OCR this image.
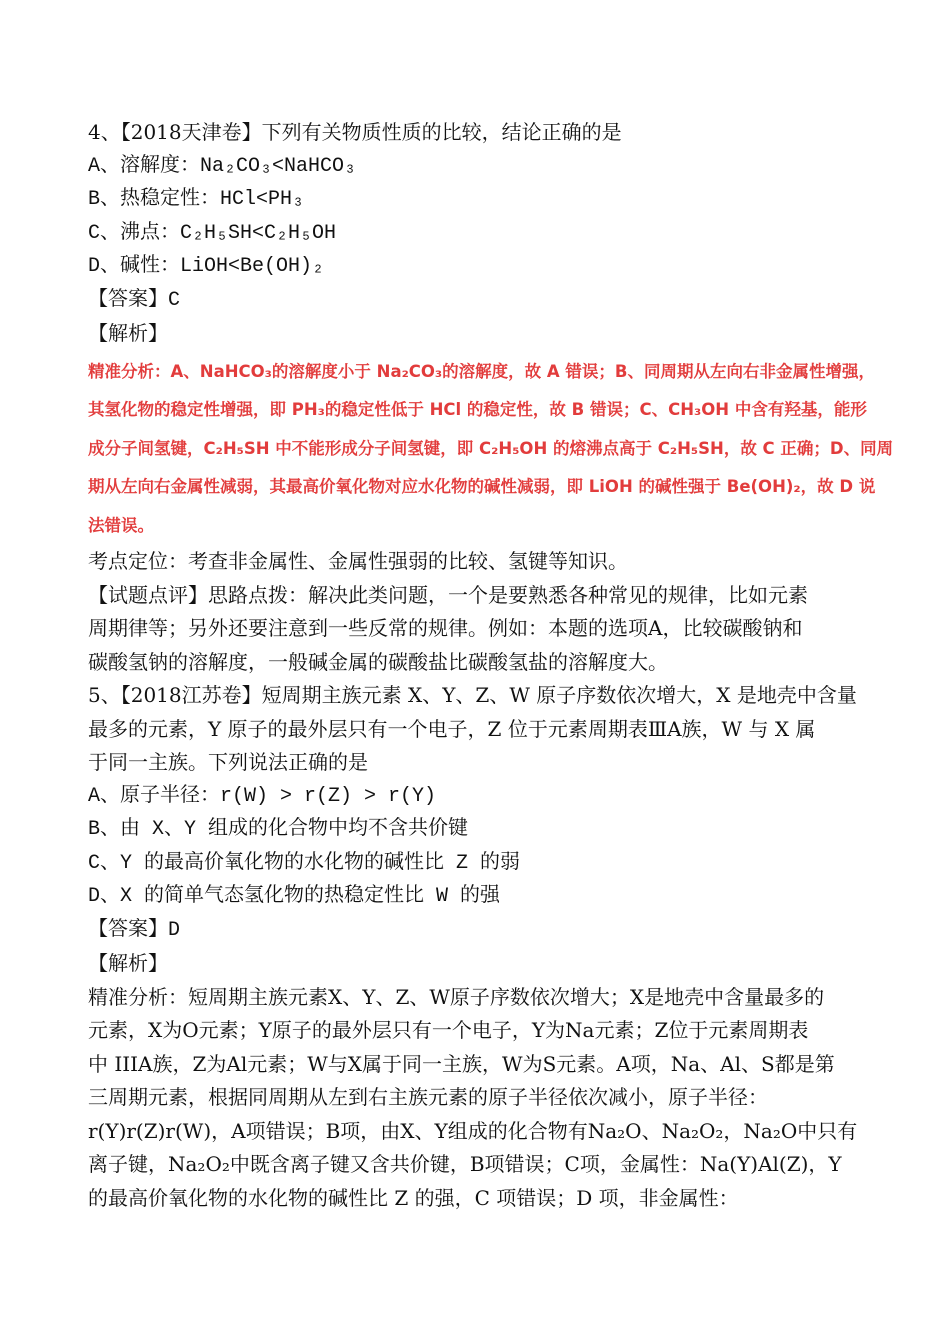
4、【2018天津卷】下列有关物质性质的比较，结论正确的是
A、溶解度：Na₂CO₃<NaHCO₃
B、热稳定性：HCl<PH₃
C、沸点：C₂H₅SH<C₂H₅OH
D、碱性：LiOH<Be(OH)₂
【答案】C
【解析】
精准分析：A、NaHCO₃的溶解度小于 Na₂CO₃的溶解度，故 A 错误；B、同周期从左向右非金属性增强，
其氢化物的稳定性增强，即 PH₃的稳定性低于 HCl 的稳定性，故 B 错误；C、CH₃OH 中含有羟基，能形
成分子间氢键，C₂H₅SH 中不能形成分子间氢键，即 C₂H₅OH 的熔沸点高于 C₂H₅SH，故 C 正确；D、同周
期从左向右金属性减弱，其最高价氧化物对应水化物的碱性减弱，即 LiOH 的碱性强于 Be(OH)₂，故 D 说
法错误。
考点定位：考查非金属性、金属性强弱的比较、氢键等知识。
【试题点评】思路点拨：解决此类问题，一个是要熟悉各种常见的规律，比如元素
周期律等；另外还要注意到一些反常的规律。例如：本题的选项A，比较碳酸钠和
碳酸氢钠的溶解度，一般碱金属的碳酸盐比碳酸氢盐的溶解度大。
5、【2018江苏卷】短周期主族元素 X、Y、Z、W 原子序数依次增大，X 是地壳中含量
最多的元素，Y 原子的最外层只有一个电子，Z 位于元素周期表ⅢA族，W 与 X 属
于同一主族。下列说法正确的是
A、原子半径：r(W) > r(Z) > r(Y)
B、由 X、Y 组成的化合物中均不含共价键
C、Y 的最高价氧化物的水化物的碱性比 Z 的弱
D、X 的简单气态氢化物的热稳定性比 W 的强
【答案】D
【解析】
精准分析：短周期主族元素X、Y、Z、W原子序数依次增大；X是地壳中含量最多的
元素，X为O元素；Y原子的最外层只有一个电子，Y为Na元素；Z位于元素周期表
中 IIIA族，Z为Al元素；W与X属于同一主族，W为S元素。A项，Na、Al、S都是第
三周期元素，根据同周期从左到右主族元素的原子半径依次减小，原子半径：
r(Y)r(Z)r(W)，A项错误；B项，由X、Y组成的化合物有Na₂O、Na₂O₂，Na₂O中只有
离子键，Na₂O₂中既含离子键又含共价键，B项错误；C项，金属性：Na(Y)Al(Z)，Y
的最高价氧化物的水化物的碱性比 Z 的强，C 项错误；D 项，非金属性：
